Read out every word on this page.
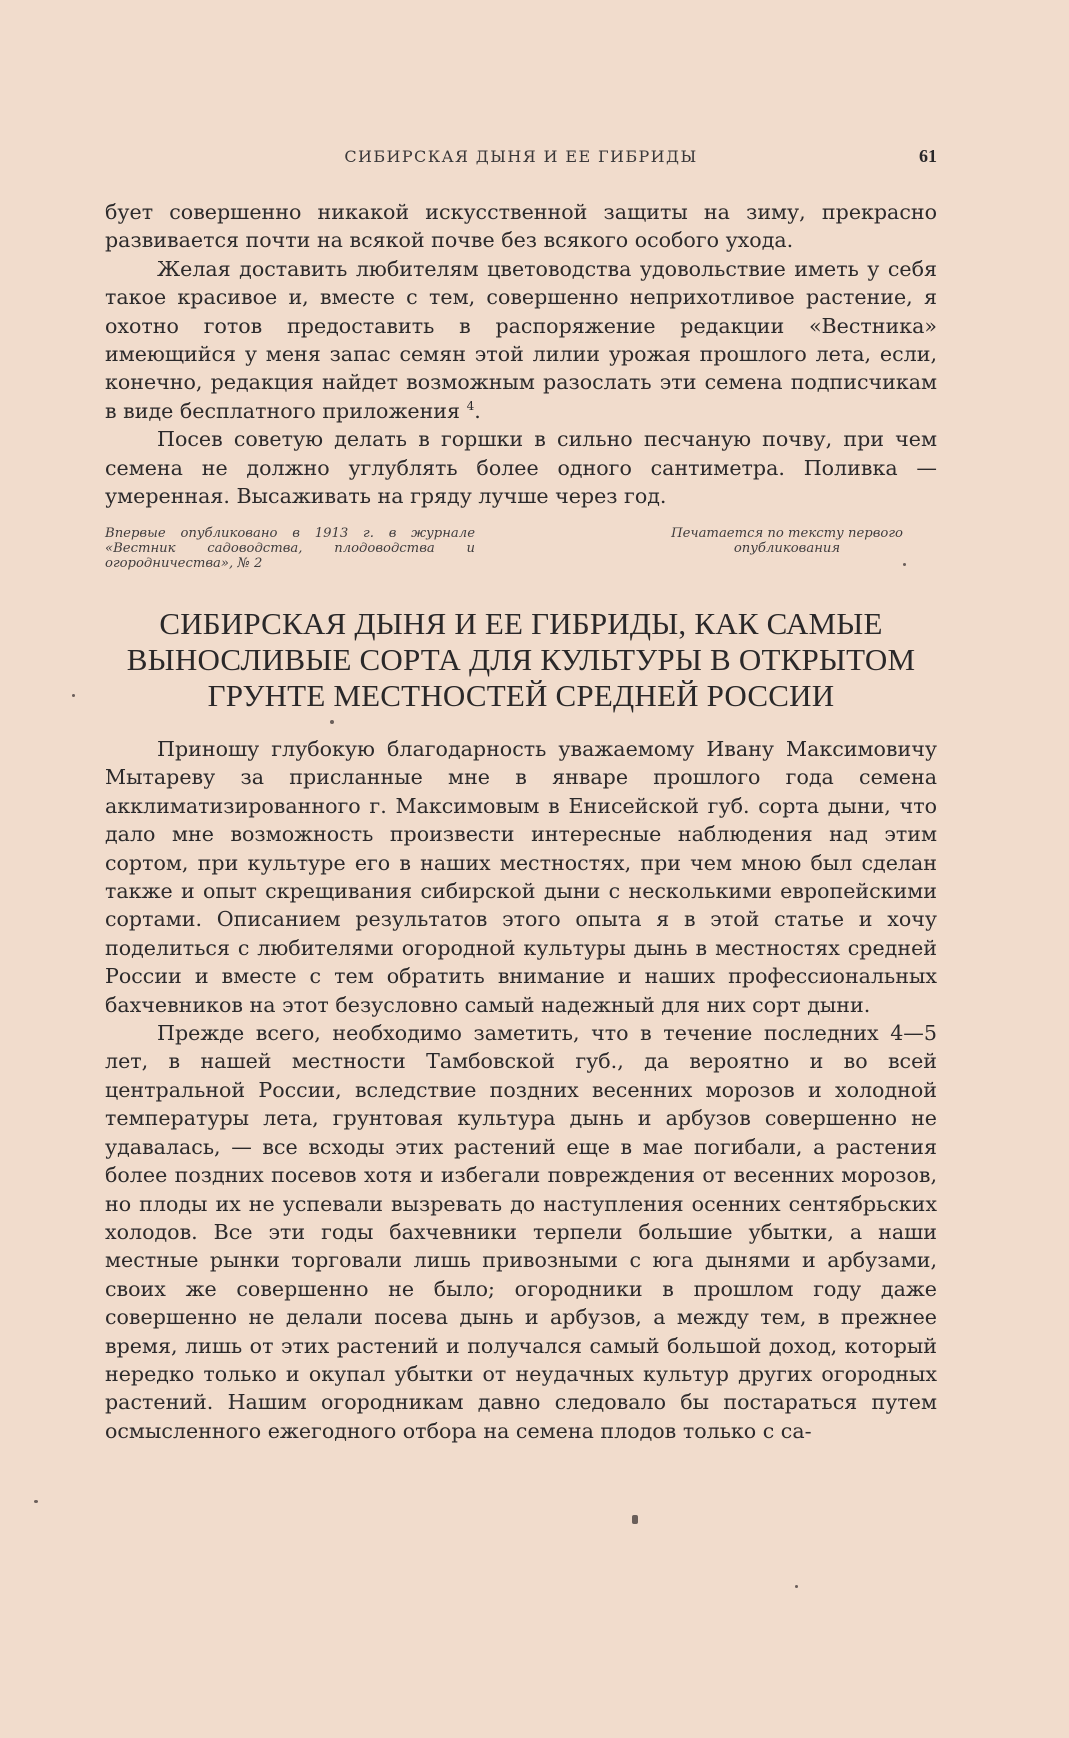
СИБИРСКАЯ ДЫНЯ И ЕЕ ГИБРИДЫ	61

бует совершенно никакой искусственной защиты на зиму, прекрасно развивается почти на всякой почве без всякого особого ухода.

Желая доставить любителям цветоводства удовольствие иметь у себя такое красивое и, вместе с тем, совершенно неприхотливое растение, я охотно готов предоставить в распоряжение редакции «Вестника» имеющийся у меня запас семян этой лилии урожая прошлого лета, если, конечно, редакция найдет возможным разослать эти семена подписчикам в виде бесплатного приложения $^4$.

Посев советую делать в горшки в сильно песчаную почву, при чем семена не должно углублять более одного сантиметра. Поливка — умеренная. Высаживать на гряду лучше через год.

Впервые опубликовано в 1913 г. в журнале «Вестник садоводства, плодоводства и огородничества», № 2
Печатается по тексту первого опубликования
СИБИРСКАЯ ДЫНЯ И ЕЕ ГИБРИДЫ, КАК САМЫЕ ВЫНОСЛИВЫЕ СОРТА ДЛЯ КУЛЬТУРЫ В ОТКРЫТОМ ГРУНТЕ МЕСТНОСТЕЙ СРЕДНЕЙ РОССИИ

Приношу глубокую благодарность уважаемому Ивану Максимовичу Мытареву за присланные мне в январе прошлого года семена акклиматизированного г. Максимовым в Енисейской губ. сорта дыни, что дало мне возможность произвести интересные наблюдения над этим сортом, при культуре его в наших местностях, при чем мною был сделан также и опыт скрещивания сибирской дыни с несколькими европейскими сортами. Описанием результатов этого опыта я в этой статье и хочу поделиться с любителями огородной культуры дынь в местностях средней России и вместе с тем обратить внимание и наших профессиональных бахчевников на этот безусловно самый надежный для них сорт дыни.

Прежде всего, необходимо заметить, что в течение последних 4—5 лет, в нашей местности Тамбовской губ., да вероятно и во всей центральной России, вследствие поздних весенних морозов и холодной температуры лета, грунтовая культура дынь и арбузов совершенно не удавалась, — все всходы этих растений еще в мае погибали, а растения более поздних посевов хотя и избегали повреждения от весенних морозов, но плоды их не успевали вызревать до наступления осенних сентябрьских холодов. Все эти годы бахчевники терпели большие убытки, а наши местные рынки торговали лишь привозными с юга дынями и арбузами, своих же совершенно не было; огородники в прошлом году даже совершенно не делали посева дынь и арбузов, а между тем, в прежнее время, лишь от этих растений и получался самый большой доход, который нередко только и окупал убытки от неудачных культур других огородных растений. Нашим огородникам давно следовало бы постараться путем осмысленного ежегодного отбора на семена плодов только с са-
